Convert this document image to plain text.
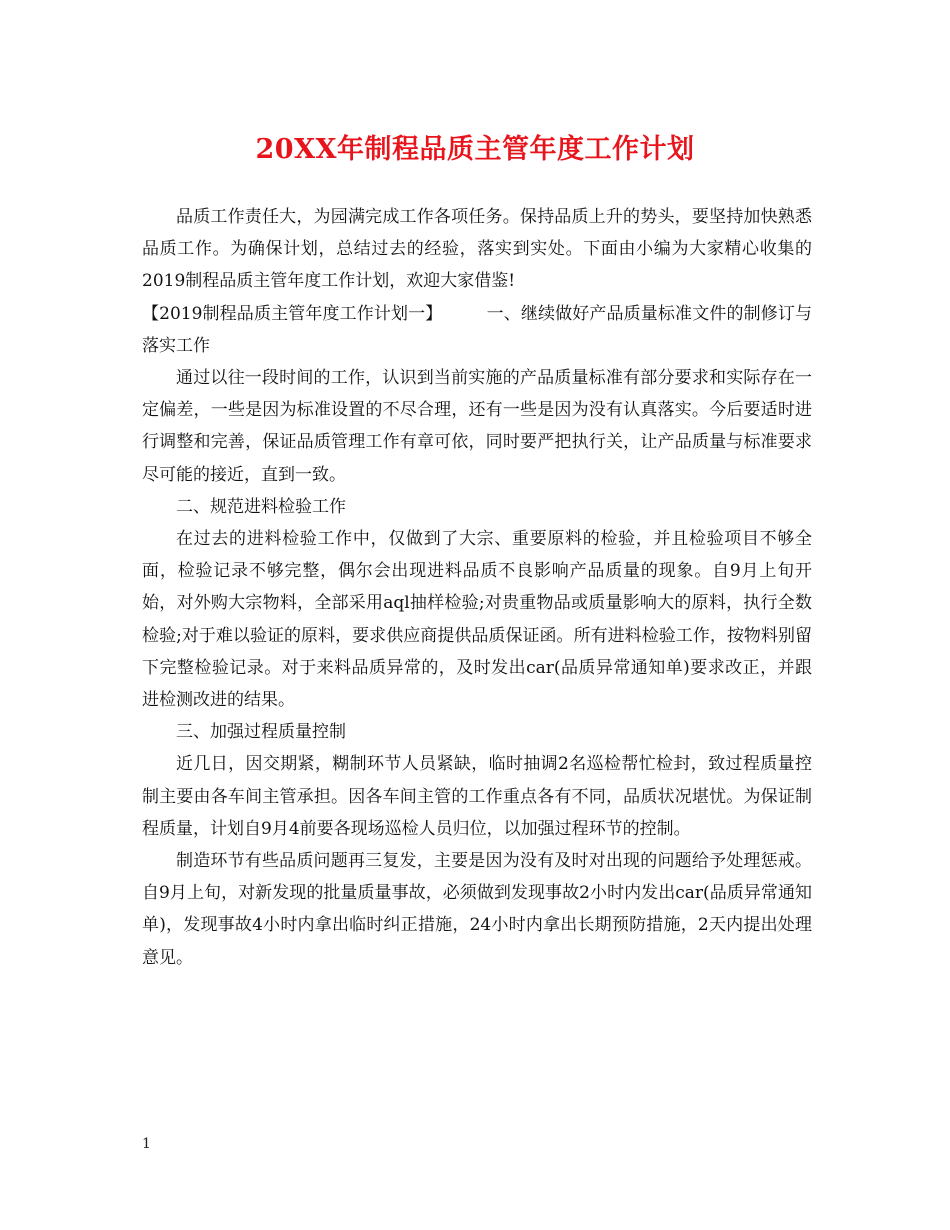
20XX年制程品质主管年度工作计划

品质工作责任大，为园满完成工作各项任务。保持品质上升的势头，要坚持加快熟悉品质工作。为确保计划，总结过去的经验，落实到实处。下面由小编为大家精心收集的2019制程品质主管年度工作计划，欢迎大家借鉴!

【2019制程品质主管年度工作计划一】	一、继续做好产品质量标准文件的制修订与落实工作

通过以往一段时间的工作，认识到当前实施的产品质量标准有部分要求和实际存在一定偏差，一些是因为标准设置的不尽合理，还有一些是因为没有认真落实。今后要适时进行调整和完善，保证品质管理工作有章可依，同时要严把执行关，让产品质量与标准要求尽可能的接近，直到一致。

二、规范进料检验工作

在过去的进料检验工作中，仅做到了大宗、重要原料的检验，并且检验项目不够全面，检验记录不够完整，偶尔会出现进料品质不良影响产品质量的现象。自9月上旬开始，对外购大宗物料，全部采用aql抽样检验;对贵重物品或质量影响大的原料，执行全数检验;对于难以验证的原料，要求供应商提供品质保证函。所有进料检验工作，按物料别留下完整检验记录。对于来料品质异常的，及时发出car(品质异常通知单)要求改正，并跟进检测改进的结果。

三、加强过程质量控制

近几日，因交期紧，糊制环节人员紧缺，临时抽调2名巡检帮忙检封，致过程质量控制主要由各车间主管承担。因各车间主管的工作重点各有不同，品质状况堪忧。为保证制程质量，计划自9月4前要各现场巡检人员归位，以加强过程环节的控制。

制造环节有些品质问题再三复发，主要是因为没有及时对出现的问题给予处理惩戒。自9月上旬，对新发现的批量质量事故，必须做到发现事故2小时内发出car(品质异常通知单)，发现事故4小时内拿出临时纠正措施，24小时内拿出长期预防措施，2天内提出处理意见。

1
